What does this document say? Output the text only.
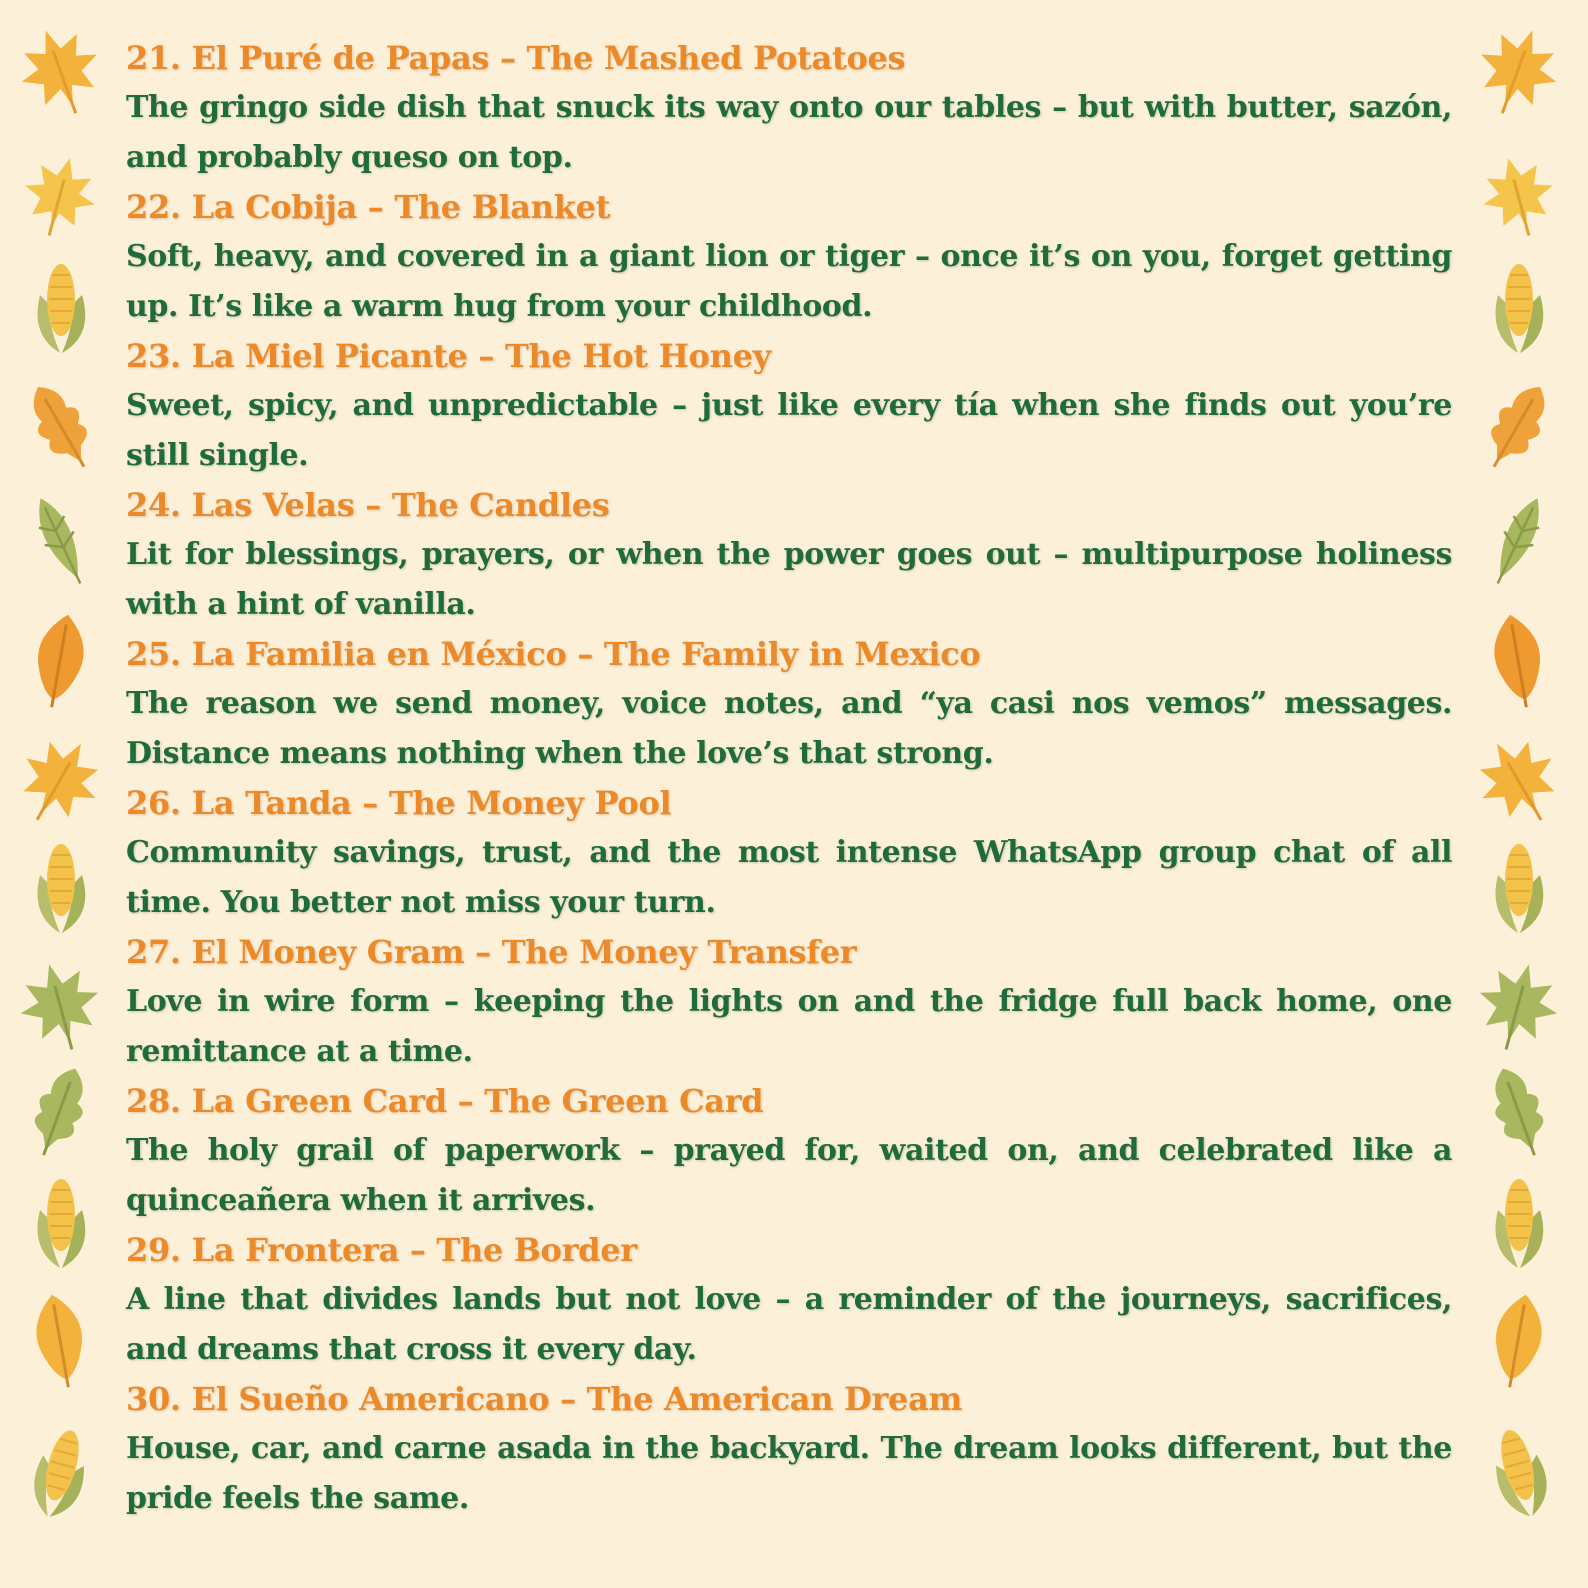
21. El Puré de Papas – The Mashed Potatoes
The gringo side dish that snuck its way onto our tables – but with butter, sazón, and probably queso on top.
22. La Cobija – The Blanket
Soft, heavy, and covered in a giant lion or tiger – once it’s on you, forget getting up. It’s like a warm hug from your childhood.
23. La Miel Picante – The Hot Honey
Sweet, spicy, and unpredictable – just like every tía when she finds out you’re still single.
24. Las Velas – The Candles
Lit for blessings, prayers, or when the power goes out – multipurpose holiness with a hint of vanilla.
25. La Familia en México – The Family in Mexico
The reason we send money, voice notes, and “ya casi nos vemos” messages. Distance means nothing when the love’s that strong.
26. La Tanda – The Money Pool
Community savings, trust, and the most intense WhatsApp group chat of all time. You better not miss your turn.
27. El Money Gram – The Money Transfer
Love in wire form – keeping the lights on and the fridge full back home, one remittance at a time.
28. La Green Card – The Green Card
The holy grail of paperwork – prayed for, waited on, and celebrated like a quinceañera when it arrives.
29. La Frontera – The Border
A line that divides lands but not love – a reminder of the journeys, sacrifices, and dreams that cross it every day.
30. El Sueño Americano – The American Dream
House, car, and carne asada in the backyard. The dream looks different, but the pride feels the same.
